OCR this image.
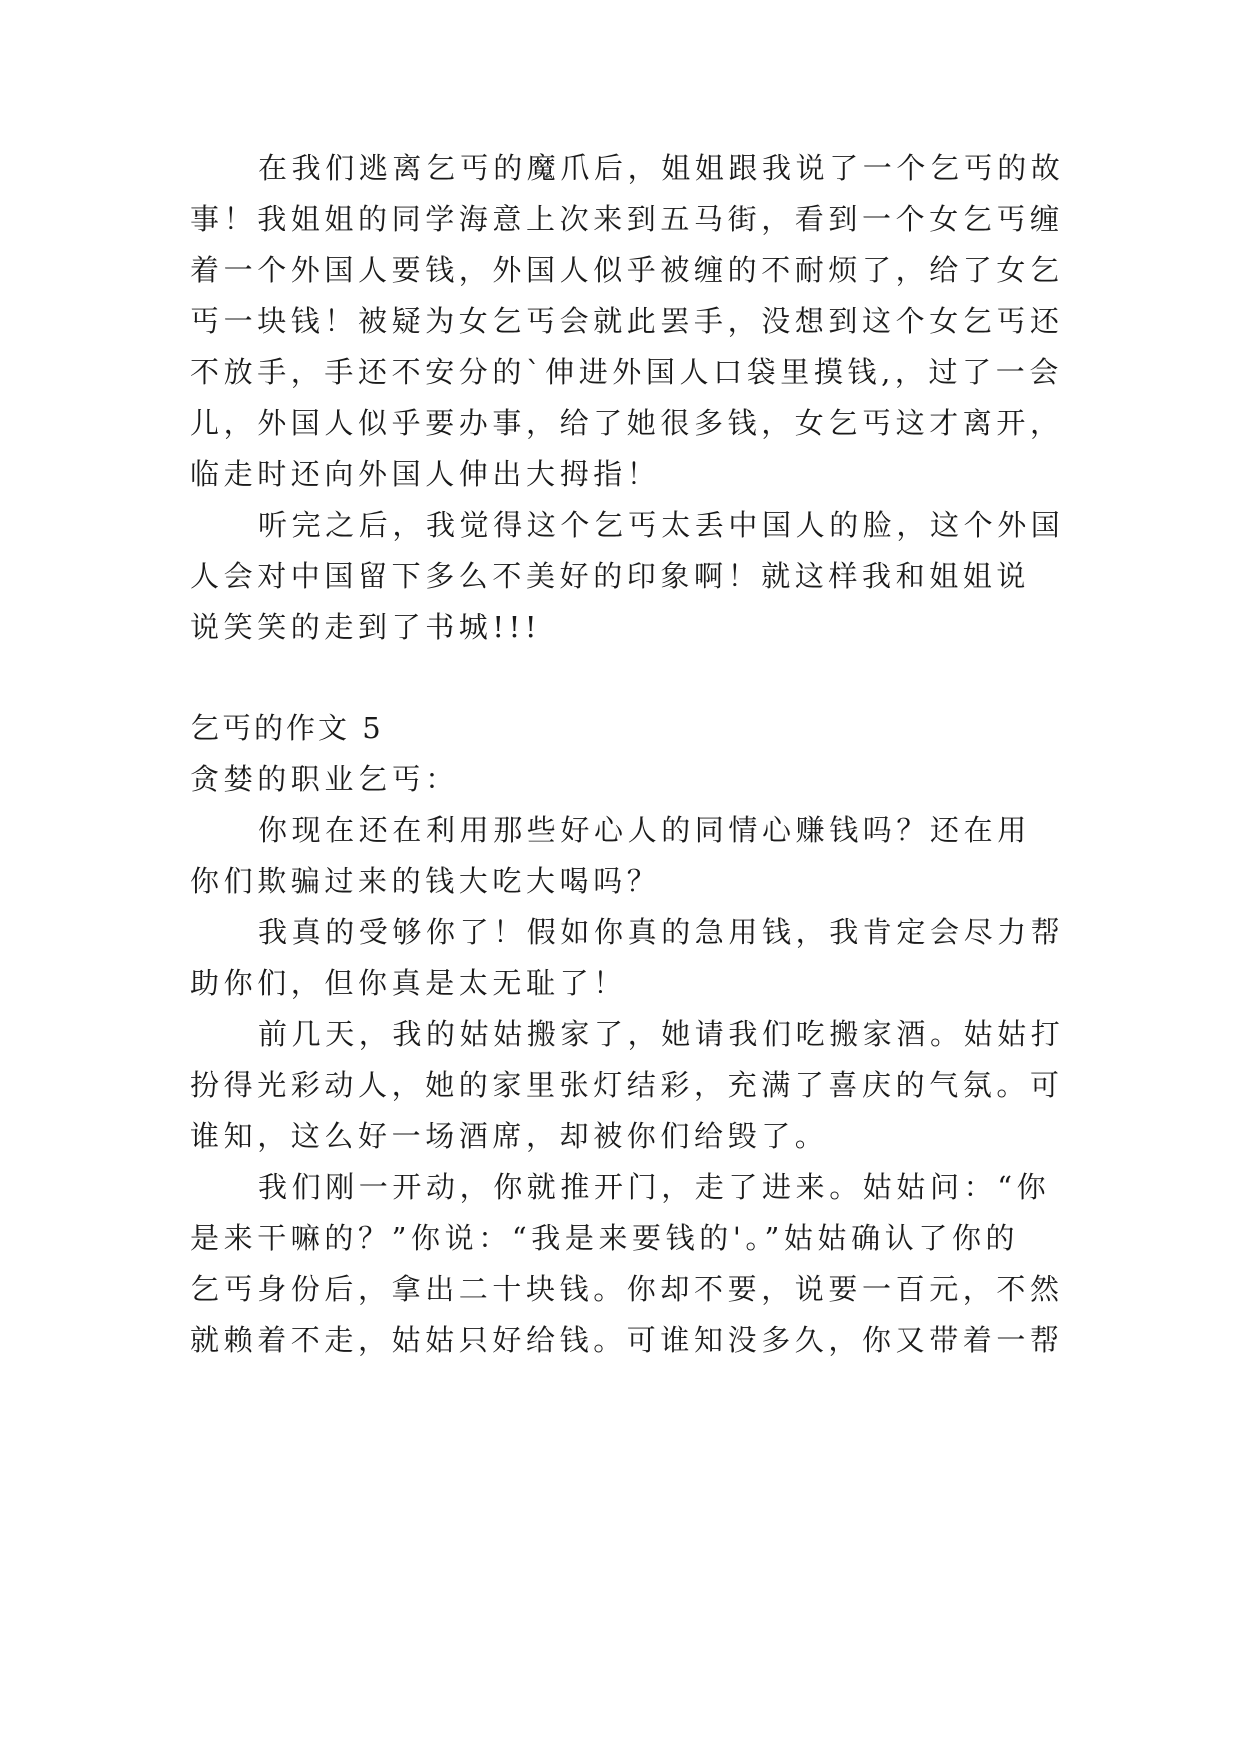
在我们逃离乞丐的魔爪后，姐姐跟我说了一个乞丐的故
事！我姐姐的同学海意上次来到五马街，看到一个女乞丐缠
着一个外国人要钱，外国人似乎被缠的不耐烦了，给了女乞
丐一块钱！被疑为女乞丐会就此罢手，没想到这个女乞丐还
不放手，手还不安分的`伸进外国人口袋里摸钱,，过了一会
儿，外国人似乎要办事，给了她很多钱，女乞丐这才离开，
临走时还向外国人伸出大拇指！
听完之后，我觉得这个乞丐太丢中国人的脸，这个外国
人会对中国留下多么不美好的印象啊！就这样我和姐姐说
说笑笑的走到了书城!!!
乞丐的作文 5
贪婪的职业乞丐：
你现在还在利用那些好心人的同情心赚钱吗？还在用
你们欺骗过来的钱大吃大喝吗？
我真的受够你了！假如你真的急用钱，我肯定会尽力帮
助你们，但你真是太无耻了！
前几天，我的姑姑搬家了，她请我们吃搬家酒。姑姑打
扮得光彩动人，她的家里张灯结彩，充满了喜庆的气氛。可
谁知，这么好一场酒席，却被你们给毁了。
我们刚一开动，你就推开门，走了进来。姑姑问：“你
是来干嘛的？”你说：“我是来要钱的'。”姑姑确认了你的
乞丐身份后，拿出二十块钱。你却不要，说要一百元，不然
就赖着不走，姑姑只好给钱。可谁知没多久，你又带着一帮
